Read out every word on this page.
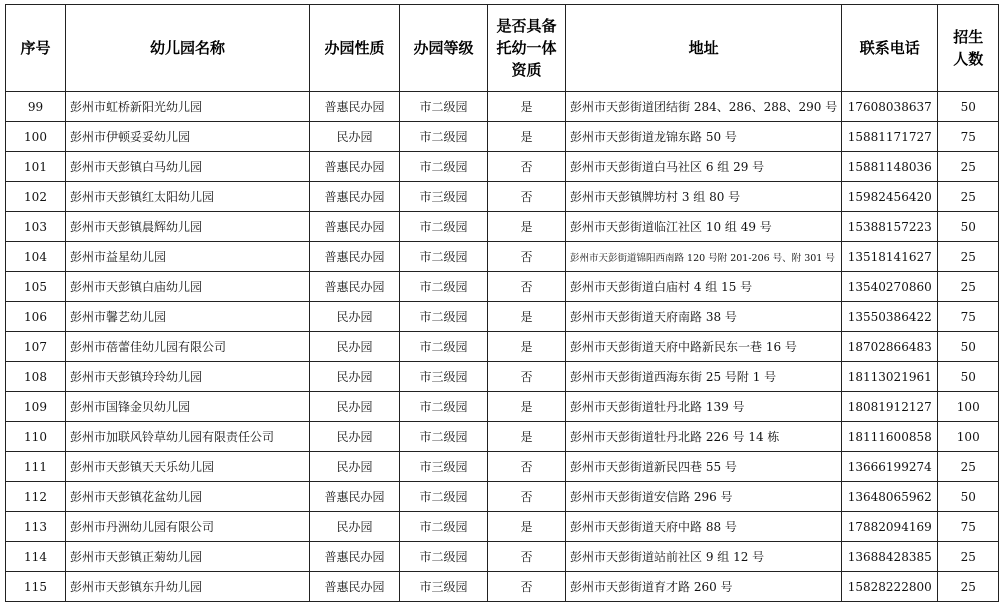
序号	幼儿园名称	办园性质	办园等级	是否具备
托幼一体
资质	地址	联系电话	招生
人数

99	彭州市虹桥新阳光幼儿园	普惠民办园	市二级园	是	彭州市天彭街道团结街 284、286、288、290 号	17608038637	50
100	彭州市伊顿妥妥幼儿园	民办园	市二级园	是	彭州市天彭街道龙锦东路 50 号	15881171727	75
101	彭州市天彭镇白马幼儿园	普惠民办园	市二级园	否	彭州市天彭街道白马社区 6 组 29 号	15881148036	25
102	彭州市天彭镇红太阳幼儿园	普惠民办园	市三级园	否	彭州市天彭镇牌坊村 3 组 80 号	15982456420	25
103	彭州市天彭镇晨辉幼儿园	普惠民办园	市二级园	是	彭州市天彭街道临江社区 10 组 49 号	15388157223	50
104	彭州市益星幼儿园	普惠民办园	市二级园	否	彭州市天彭街道锦阳西南路 120 号附 201-206 号、附 301 号	13518141627	25
105	彭州市天彭镇白庙幼儿园	普惠民办园	市二级园	否	彭州市天彭街道白庙村 4 组 15 号	13540270860	25
106	彭州市馨艺幼儿园	民办园	市二级园	是	彭州市天彭街道天府南路 38 号	13550386422	75
107	彭州市蓓蕾佳幼儿园有限公司	民办园	市二级园	是	彭州市天彭街道天府中路新民东一巷 16 号	18702866483	50
108	彭州市天彭镇玲玲幼儿园	民办园	市三级园	否	彭州市天彭街道西海东街 25 号附 1 号	18113021961	50
109	彭州市国锋金贝幼儿园	民办园	市二级园	是	彭州市天彭街道牡丹北路 139 号	18081912127	100
110	彭州市加联风铃草幼儿园有限责任公司	民办园	市二级园	是	彭州市天彭街道牡丹北路 226 号 14 栋	18111600858	100
111	彭州市天彭镇天天乐幼儿园	民办园	市三级园	否	彭州市天彭街道新民四巷 55 号	13666199274	25
112	彭州市天彭镇花盆幼儿园	普惠民办园	市二级园	否	彭州市天彭街道安信路 296 号	13648065962	50
113	彭州市丹洲幼儿园有限公司	民办园	市二级园	是	彭州市天彭街道天府中路 88 号	17882094169	75
114	彭州市天彭镇正菊幼儿园	普惠民办园	市二级园	否	彭州市天彭街道站前社区 9 组 12 号	13688428385	25
115	彭州市天彭镇东升幼儿园	普惠民办园	市三级园	否	彭州市天彭街道育才路 260 号	15828222800	25
